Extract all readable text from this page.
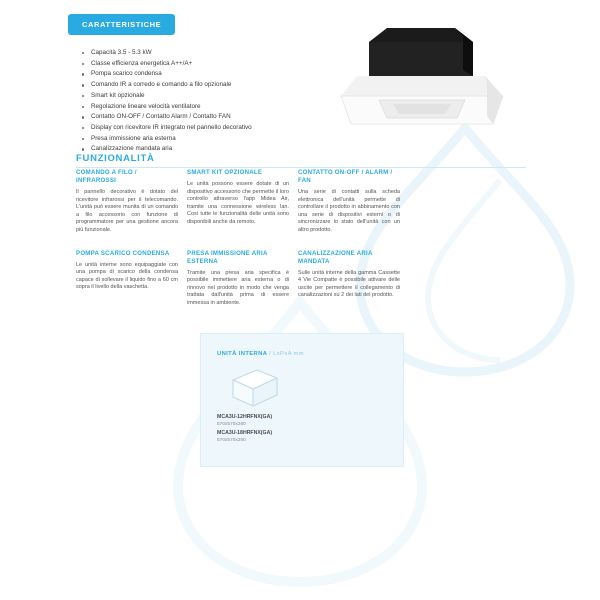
CARATTERISTICHE
Capacità 3.5 - 5.3 kW
Classe efficienza energetica A++/A+
Pompa scarico condensa
Comando IR a corredo e comando a filo opzionale
Smart kit opzionale
Regolazione lineare velocità ventilatore
Contatto ON-OFF / Contatto Alarm / Contatto FAN
Display con ricevitore IR integrato nel pannello decorativo
Presa immissione aria esterna
Canalizzazione mandata aria
FUNZIONALITÀ
COMANDO A FILO / INFRAROSSI

Il pannello decorativo è dotato del ricevitore infrarossi per il telecomando. L'unità può essere munita di un comando a filo accessorio con funzione di programmatore per una gestione ancora più funzionale.

SMART KIT OPZIONALE

Le unità possono essere dotate di un dispositivo accessorio che permette il loro controllo attraverso l'app Midea Air, tramite una connessione wireless lan. Così tutte le funzionalità delle unità sono disponibili anche da remoto.

CONTATTO ON-OFF / ALARM / FAN

Una serie di contatti sulla scheda elettronica dell'unità permette di controllare il prodotto in abbinamento con una serie di dispositivi esterni o di sincronizzare lo stato dell'unità con un altro prodotto.

POMPA SCARICO CONDENSA

Le unità interne sono equipaggiate con una pompa di scarico della condensa capace di sollevare il liquido fino a 60 cm sopra il livello della vaschetta.

PRESA IMMISSIONE ARIA ESTERNA

Tramite una presa aria specifica è possibile immettere aria esterna o di rinnovo nel prodotto in modo che venga trattata dall'unità prima di essere immessa in ambiente.

CANALIZZAZIONE ARIA MANDATA

Sulle unità interne della gamma Cassette 4 Vie Compatte è possibile attivare delle uscite per permettere il collegamento di canalizzazioni su 2 dei lati del prodotto.

UNITÀ INTERNA / LxPxA mm
MCA3U-12HRFNX(GA)
570x570x260
MCA3U-18HRFNX(GA)
570x570x260
